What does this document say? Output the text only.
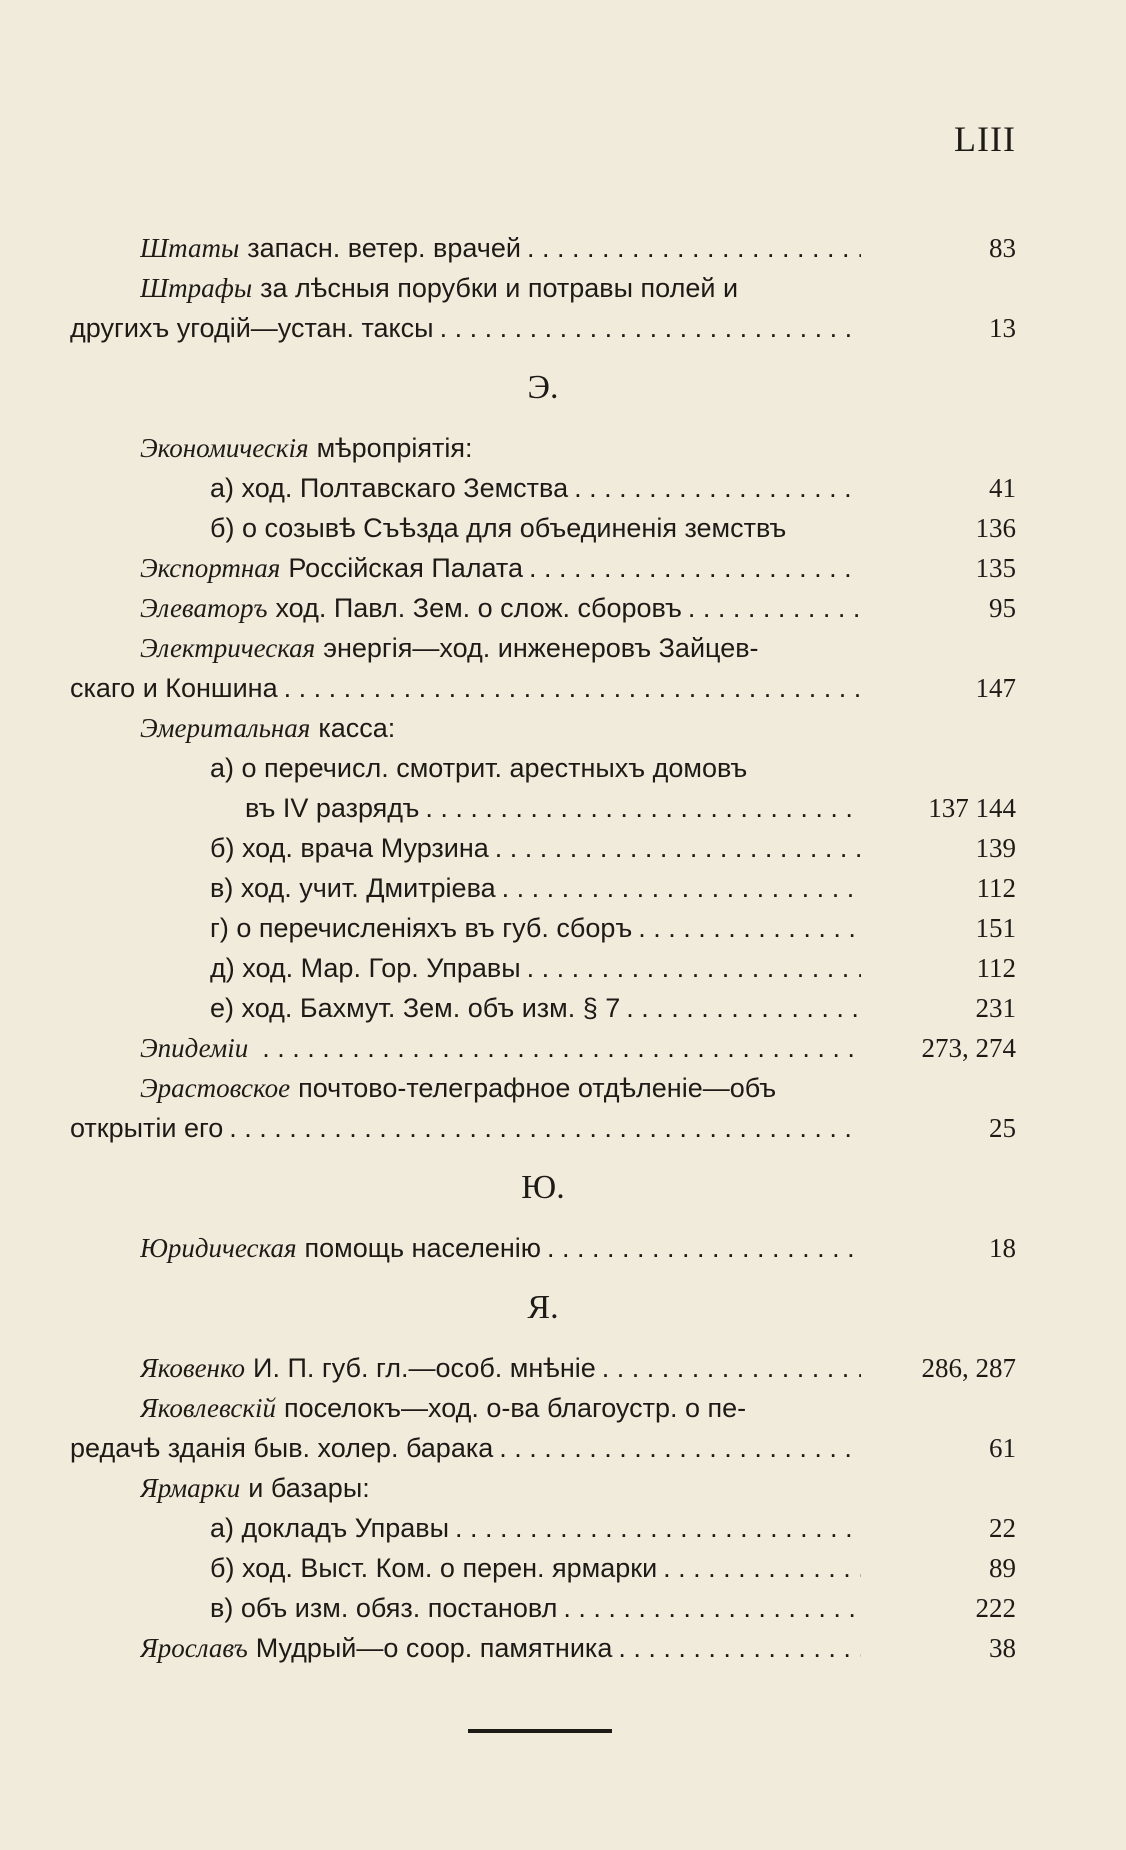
LIII
Штаты запасн. ветер. врачей . . .	83
Штрафы за лѣсныя порубки и потравы полей и
другихъ угодій—устан. таксы . . .	13
Э.
Экономическія мѣропріятія:
а) ход. Полтавскаго Земства . . .	41
б) о созывѣ Съѣзда для объединенія земствъ	136
Экспортная Россійская Палата . . .	135
Элеваторъ ход. Павл. Зем. о слож. сборовъ . . .	95
Электрическая энергія—ход. инженеровъ Зайцев-
скаго и Коншина . . .	147
Эмеритальная касса:
а) о перечисл. смотрит. арестныхъ домовъ
въ IV разрядъ . . .	137 144
б) ход. врача Мурзина . . .	139
в) ход. учит. Дмитріева . . .	112
г) о перечисленіяхъ въ губ. сборъ . . .	151
д) ход. Мар. Гор. Управы . . .	112
е) ход. Бахмут. Зем. объ изм. § 7 . . .	231
Эпидеміи . . .	273, 274
Эрастовское почтово-телеграфное отдѣленіе—объ
открытіи его . . .	25
Ю.
Юридическая помощь населенію . . .	18
Я.
Яковенко И. П. губ. гл.—особ. мнѣніе . . .	286, 287
Яковлевскій поселокъ—ход. о-ва благоустр. о пе-
редачѣ зданія быв. холер. барака . . .	61
Ярмарки и базары:
а) докладъ Управы . . .	22
б) ход. Выст. Ком. о перен. ярмарки . . .	89
в) объ изм. обяз. постановл . . .	222
Ярославъ Мудрый—о соор. памятника . . .	38
